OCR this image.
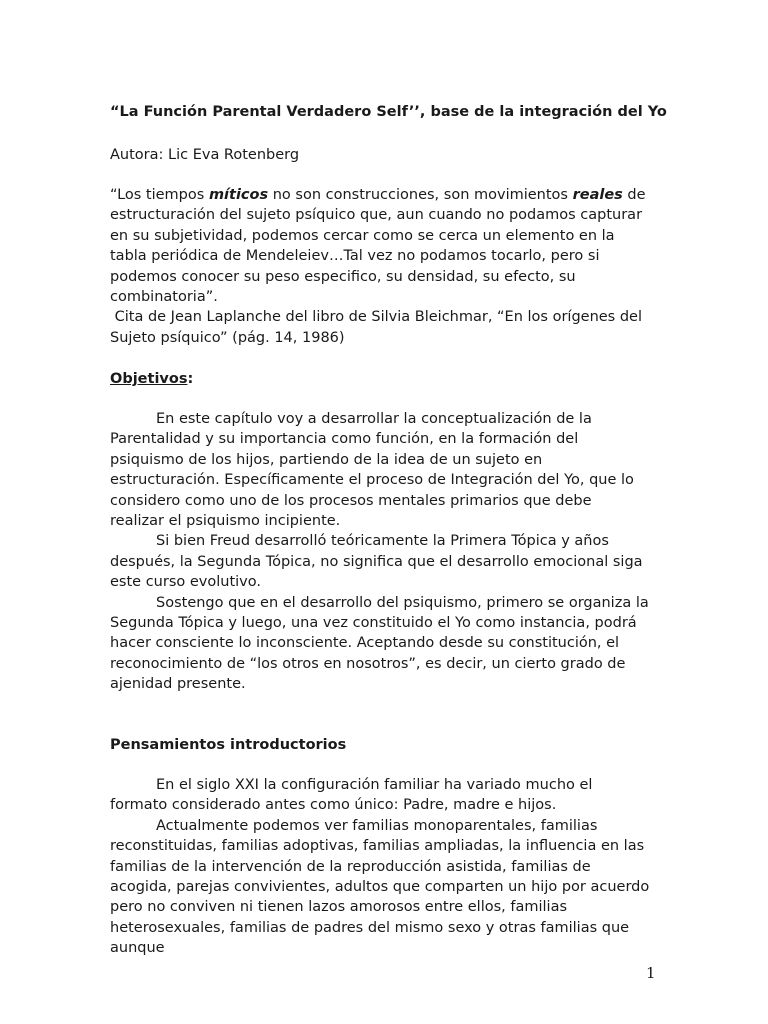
“La Función Parental Verdadero Self’’, base de la integración del Yo
Autora: Lic Eva Rotenberg

“Los tiempos míticos no son construcciones, son movimientos reales de estructuración del sujeto psíquico que, aun cuando no podamos capturar en su subjetividad, podemos cercar como se cerca un elemento en la tabla periódica de Mendeleiev…Tal vez no podamos tocarlo, pero si podemos conocer su peso especifico, su densidad, su efecto, su combinatoria”.

Cita de Jean Laplanche del libro de Silvia Bleichmar, “En los orígenes del Sujeto psíquico” (pág. 14, 1986)

Objetivos:

En este capítulo voy a desarrollar la conceptualización de la Parentalidad y su importancia como función, en la formación del psiquismo de los hijos, partiendo de la idea de un sujeto en estructuración. Específicamente el proceso de Integración del Yo, que lo considero como uno de los procesos mentales primarios que debe realizar el psiquismo incipiente.

Si bien Freud desarrolló teóricamente la Primera Tópica y años después, la Segunda Tópica, no significa que el desarrollo emocional siga este curso evolutivo.

Sostengo que en el desarrollo del psiquismo, primero se organiza la Segunda Tópica y luego, una vez constituido el Yo como instancia, podrá hacer consciente lo inconsciente. Aceptando desde su constitución, el reconocimiento de “los otros en nosotros”, es decir, un cierto grado de ajenidad presente.

Pensamientos introductorios

En el siglo XXI la configuración familiar ha variado mucho el formato considerado antes como único: Padre, madre e hijos.

Actualmente podemos ver familias monoparentales, familias reconstituidas, familias adoptivas, familias ampliadas, la influencia en las familias de la intervención de la reproducción asistida, familias de acogida, parejas convivientes, adultos que comparten un hijo por acuerdo pero no conviven ni tienen lazos amorosos entre ellos, familias heterosexuales, familias de padres del mismo sexo y otras familias que aunque

1
